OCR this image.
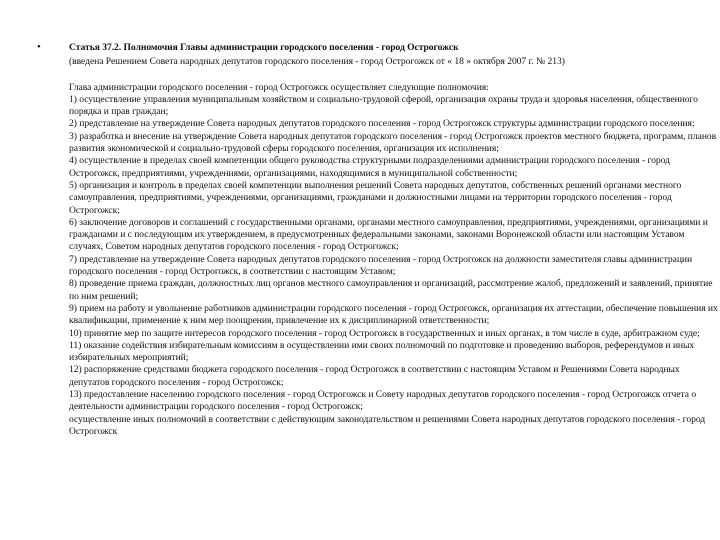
•	Статья 37.2. Полномочия Главы администрации городского поселения - город Острогожск

(введена Решением Совета народных депутатов городского поселения - город Острогожск от « 18 » октября 2007 г. № 213)

Глава администрации городского поселения - город Острогожск осуществляет следующие полномочия:

1) осуществление управления муниципальным хозяйством и социально-трудовой сферой, организация охраны труда и здоровья населения, общественного порядка и прав граждан;

2) представление на утверждение Совета народных депутатов городского поселения - город Острогожск структуры администрации городского поселения;

3) разработка и внесение на утверждение Совета народных депутатов городского поселения - город Острогожск проектов местного бюджета, программ, планов развития экономической и социально-трудовой сферы городского поселения, организация их исполнения;

4) осуществление в пределах своей компетенции общего руководства структурными подразделениями администрации городского поселения - город Острогожск, предприятиями, учреждениями, организациями, находящимися в муниципальной собственности;

5) организация и контроль в пределах своей компетенции выполнения решений Совета народных депутатов, собственных решений органами местного самоуправления, предприятиями, учреждениями, организациями, гражданами и должностными лицами на территории городского поселения - город Острогожск;

6) заключение договоров и соглашений с государственными органами, органами местного самоуправления, предприятиями, учреждениями, организациями и гражданами и с последующим их утверждением, в предусмотренных федеральными законами, законами Воронежской области или настоящим Уставом случаях, Советом народных депутатов городского поселения - город Острогожск;

7) представление на утверждение Совета народных депутатов городского поселения - город Острогожск на должности заместителя главы администрации городского поселения - город Острогожск, в соответствии с настоящим Уставом;

8) проведение приема граждан, должностных лиц органов местного самоуправления и организаций, рассмотрение жалоб, предложений и заявлений, принятие по ним решений;

9) прием на работу и увольнение работников администрации городского поселения - город Острогожск, организация их аттестации, обеспечение повышения их квалификации, применение к ним мер поощрения, привлечение их к дисциплинарной ответственности;

10) принятие мер по защите интересов городского поселения - город Острогожск в государственных и иных органах, в том числе в суде, арбитражном суде;

11) оказание содействия избирательным комиссиям в осуществлении ими своих полномочий по подготовке и проведению выборов, референдумов и иных избирательных мероприятий;

12) распоряжение средствами бюджета городского поселения - город Острогожск в соответствии с настоящим Уставом и Решениями Совета народных депутатов городского поселения - город Острогожск;

13) предоставление населению городского поселения - город Острогожск и Совету народных депутатов городского поселения - город Острогожск отчета о деятельности администрации городского поселения - город Острогожск;

осуществление иных полномочий в соответствии с действующим законодательством и решениями Совета народных депутатов городского поселения - город Острогожск
